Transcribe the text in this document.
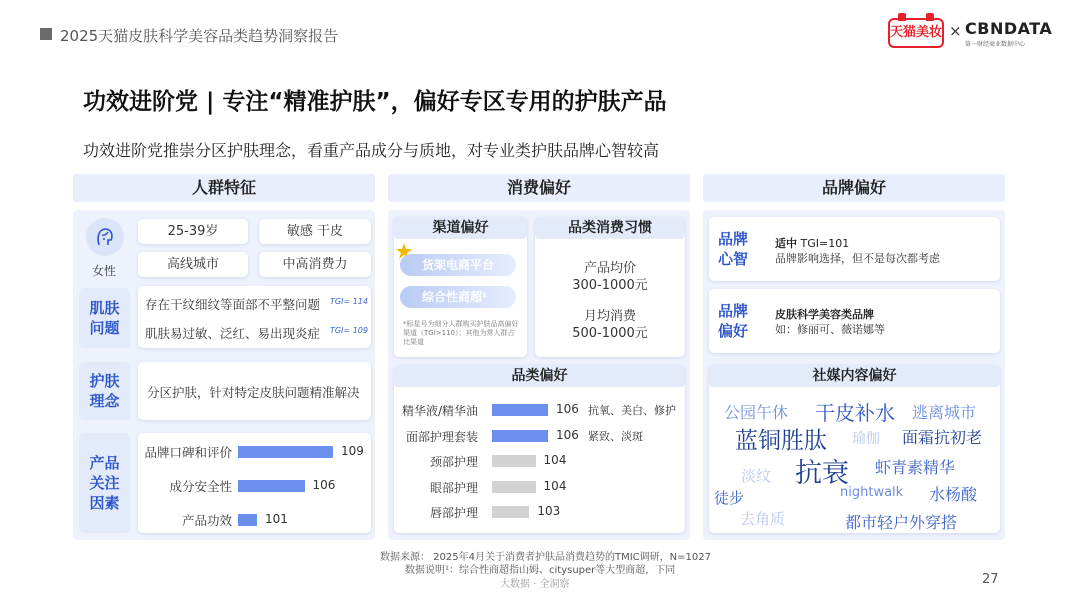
2025天猫皮肤科学美容品类趋势洞察报告	天猫美妆 × CBNDATA
第一财经商业数据中心
功效进阶党 | 专注“精准护肤”，偏好专区专用的护肤产品
功效进阶党推崇分区护肤理念，看重产品成分与质地，对专业类护肤品牌心智较高
人群特征	消费偏好	品牌偏好
女性
25-39岁	敏感 干皮
高线城市	中高消费力
肌肤
问题
存在干纹细纹等面部不平整问题 TGI= 114
肌肤易过敏、泛红、易出现炎症 TGI= 109
护肤
理念	分区护肤，针对特定皮肤问题精准解决
产品
关注
因素
品牌口碑和评价	109
成分安全性	106
产品功效	101
渠道偏好
货架电商平台
综合性商超¹
*标星号为细分人群购买护肤品高偏好渠道（TGI>110）；其他为常人群占比渠道
品类消费习惯
产品均价
300-1000元
月均消费
500-1000元
品类偏好
精华液/精华油	106 抗氧、美白、修护
面部护理套装	106 紧致、淡斑
颈部护理	104
眼部护理	104
唇部护理	103
品牌
心智
适中 TGI=101
品牌影响选择，但不是每次都考虑
品牌
偏好
皮肤科学美容类品牌
如：修丽可、薇诺娜等
社媒内容偏好
公园午休 干皮补水 逃离城市
蓝铜胜肽 瑜伽 面霜抗初老
淡纹 抗衰 虾青素精华
徒步	nightwalk 水杨酸
去角质	都市轻户外穿搭
数据来源： 2025年4月关于消费者护肤品消费趋势的TMIC调研，N=1027
数据说明¹：综合性商超指山姆、citysuper等大型商超，下同
大数据 · 全洞察	27
